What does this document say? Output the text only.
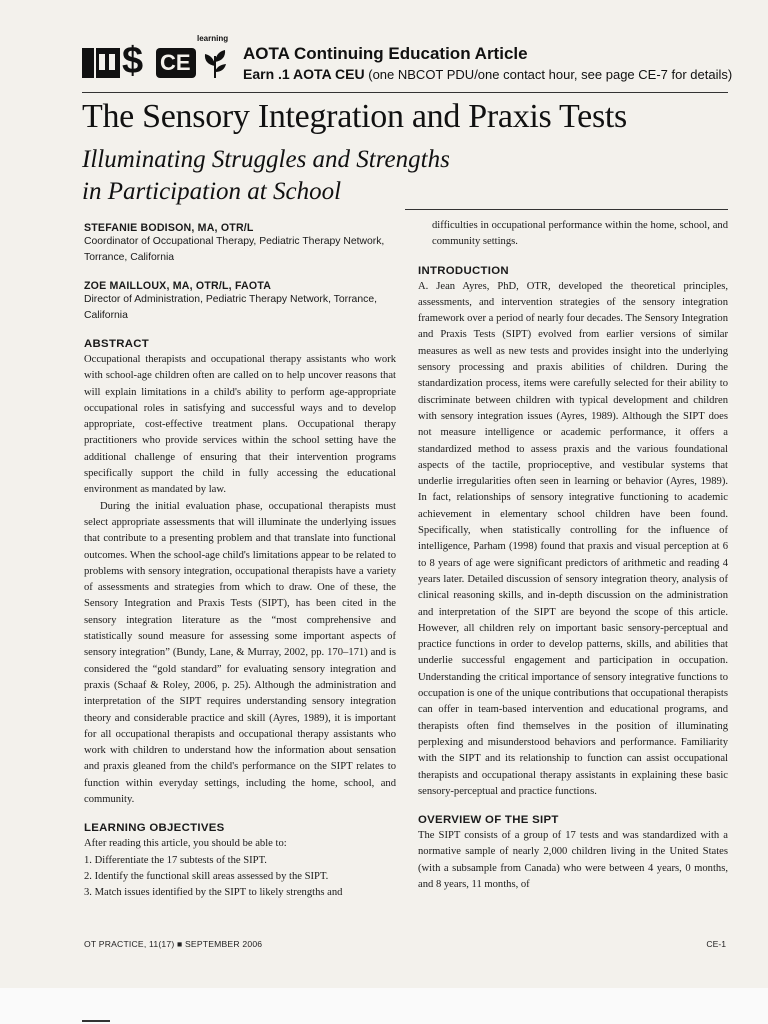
$ CE
learning
AOTA Continuing Education Article
Earn .1 AOTA CEU (one NBCOT PDU/one contact hour, see page CE-7 for details)
The Sensory Integration and Praxis Tests
Illuminating Struggles and Strengths
in Participation at School
STEFANIE BODISON, MA, OTR/L
Coordinator of Occupational Therapy, Pediatric Therapy Network, Torrance, California
ZOE MAILLOUX, MA, OTR/L, FAOTA
Director of Administration, Pediatric Therapy Network, Torrance, California
ABSTRACT

Occupational therapists and occupational therapy assistants who work with school-age children often are called on to help uncover reasons that will explain limitations in a child's ability to perform age-appropriate occupational roles in satisfying and successful ways and to develop appropriate, cost-effective treatment plans. Occupational therapy practitioners who provide services within the school setting have the additional challenge of ensuring that their intervention programs specifically support the child in fully accessing the educational environment as mandated by law.

During the initial evaluation phase, occupational therapists must select appropriate assessments that will illuminate the underlying issues that contribute to a presenting problem and that translate into functional outcomes. When the school-age child's limitations appear to be related to problems with sensory integration, occupational therapists have a variety of assessments and strategies from which to draw. One of these, the Sensory Integration and Praxis Tests (SIPT), has been cited in the sensory integration literature as the “most comprehensive and statistically sound measure for assessing some important aspects of sensory integration” (Bundy, Lane, & Murray, 2002, pp. 170–171) and is considered the “gold standard” for evaluating sensory integration and praxis (Schaaf & Roley, 2006, p. 25). Although the administration and interpretation of the SIPT requires understanding sensory integration theory and considerable practice and skill (Ayres, 1989), it is important for all occupational therapists and occupational therapy assistants who work with children to understand how the information about sensation and praxis gleaned from the child's performance on the SIPT relates to function within everyday settings, including the home, school, and community.

LEARNING OBJECTIVES

After reading this article, you should be able to:

1. Differentiate the 17 subtests of the SIPT.
2. Identify the functional skill areas assessed by the SIPT.
3. Match issues identified by the SIPT to likely strengths and

difficulties in occupational performance within the home, school, and community settings.

INTRODUCTION

A. Jean Ayres, PhD, OTR, developed the theoretical principles, assessments, and intervention strategies of the sensory integration framework over a period of nearly four decades. The Sensory Integration and Praxis Tests (SIPT) evolved from earlier versions of similar measures as well as new tests and provides insight into the underlying sensory processing and praxis abilities of children. During the standardization process, items were carefully selected for their ability to discriminate between children with typical development and children with sensory integration issues (Ayres, 1989). Although the SIPT does not measure intelligence or academic performance, it offers a standardized method to assess praxis and the various foundational aspects of the tactile, proprioceptive, and vestibular systems that underlie irregularities often seen in learning or behavior (Ayres, 1989). In fact, relationships of sensory integrative functioning to academic achievement in elementary school children have been found. Specifically, when statistically controlling for the influence of intelligence, Parham (1998) found that praxis and visual perception at 6 to 8 years of age were significant predictors of arithmetic and reading 4 years later. Detailed discussion of sensory integration theory, analysis of clinical reasoning skills, and in-depth discussion on the administration and interpretation of the SIPT are beyond the scope of this article. However, all children rely on important basic sensory-perceptual and practice functions in order to develop patterns, skills, and abilities that underlie successful engagement and participation in occupation. Understanding the critical importance of sensory integrative functions to occupation is one of the unique contributions that occupational therapists can offer in team-based intervention and educational programs, and therapists often find themselves in the position of illuminating perplexing and misunderstood behaviors and performance. Familiarity with the SIPT and its relationship to function can assist occupational therapists and occupational therapy assistants in explaining these basic sensory-perceptual and practice functions.

OVERVIEW OF THE SIPT

The SIPT consists of a group of 17 tests and was standardized with a normative sample of nearly 2,000 children living in the United States (with a subsample from Canada) who were between 4 years, 0 months, and 8 years, 11 months, of

OT PRACTICE, 11(17) ■ SEPTEMBER 2006	CE-1
